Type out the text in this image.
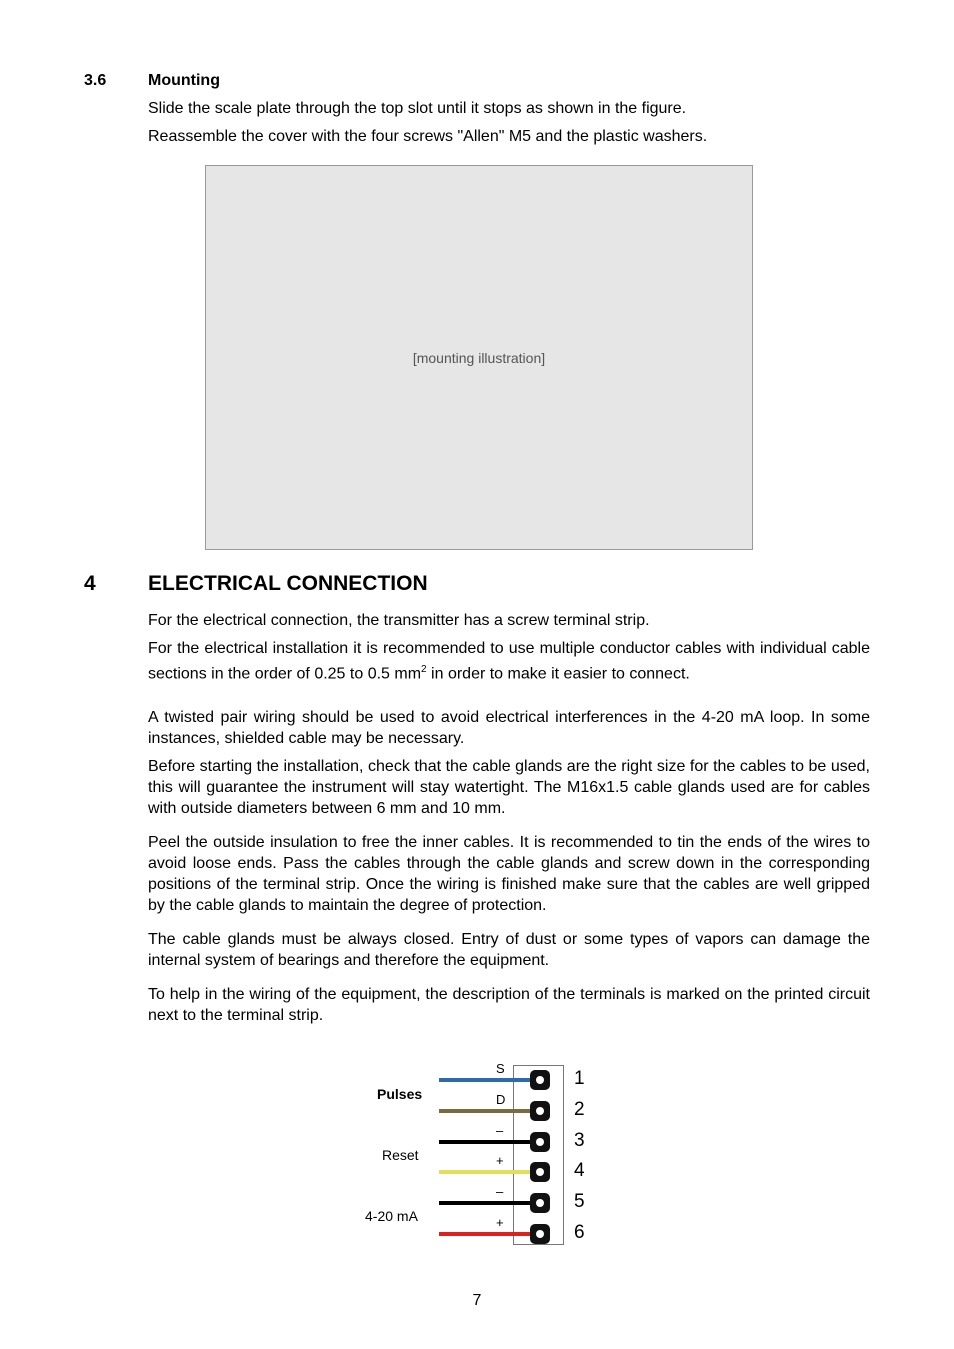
3.6	Mounting
Slide the scale plate through the top slot until it stops as shown in the figure.
Reassemble the cover with the four screws "Allen" M5 and the plastic washers.
[mounting illustration]
4 ELECTRICAL CONNECTION
For the electrical connection, the transmitter has a screw terminal strip.
For the electrical installation it is recommended to use multiple conductor cables with individual cable sections in the order of 0.25 to 0.5 $mm^2$ in order to make it easier to connect.
A twisted pair wiring should be used to avoid electrical interferences in the 4-20 mA loop. In some instances, shielded cable may be necessary.
Before starting the installation, check that the cable glands are the right size for the cables to be used, this will guarantee the instrument will stay watertight. The M16x1.5 cable glands used are for cables with outside diameters between 6 mm and 10 mm.
Peel the outside insulation to free the inner cables. It is recommended to tin the ends of the wires to avoid loose ends. Pass the cables through the cable glands and screw down in the corresponding positions of the terminal strip. Once the wiring is finished make sure that the cables are well gripped by the cable glands to maintain the degree of protection.
The cable glands must be always closed. Entry of dust or some types of vapors can damage the internal system of bearings and therefore the equipment.
To help in the wiring of the equipment, the description of the terminals is marked on the printed circuit next to the terminal strip.
Pulses
Reset
4-20 mA
S	1
D	2
–	3
+	4
–	5
+	6
7
